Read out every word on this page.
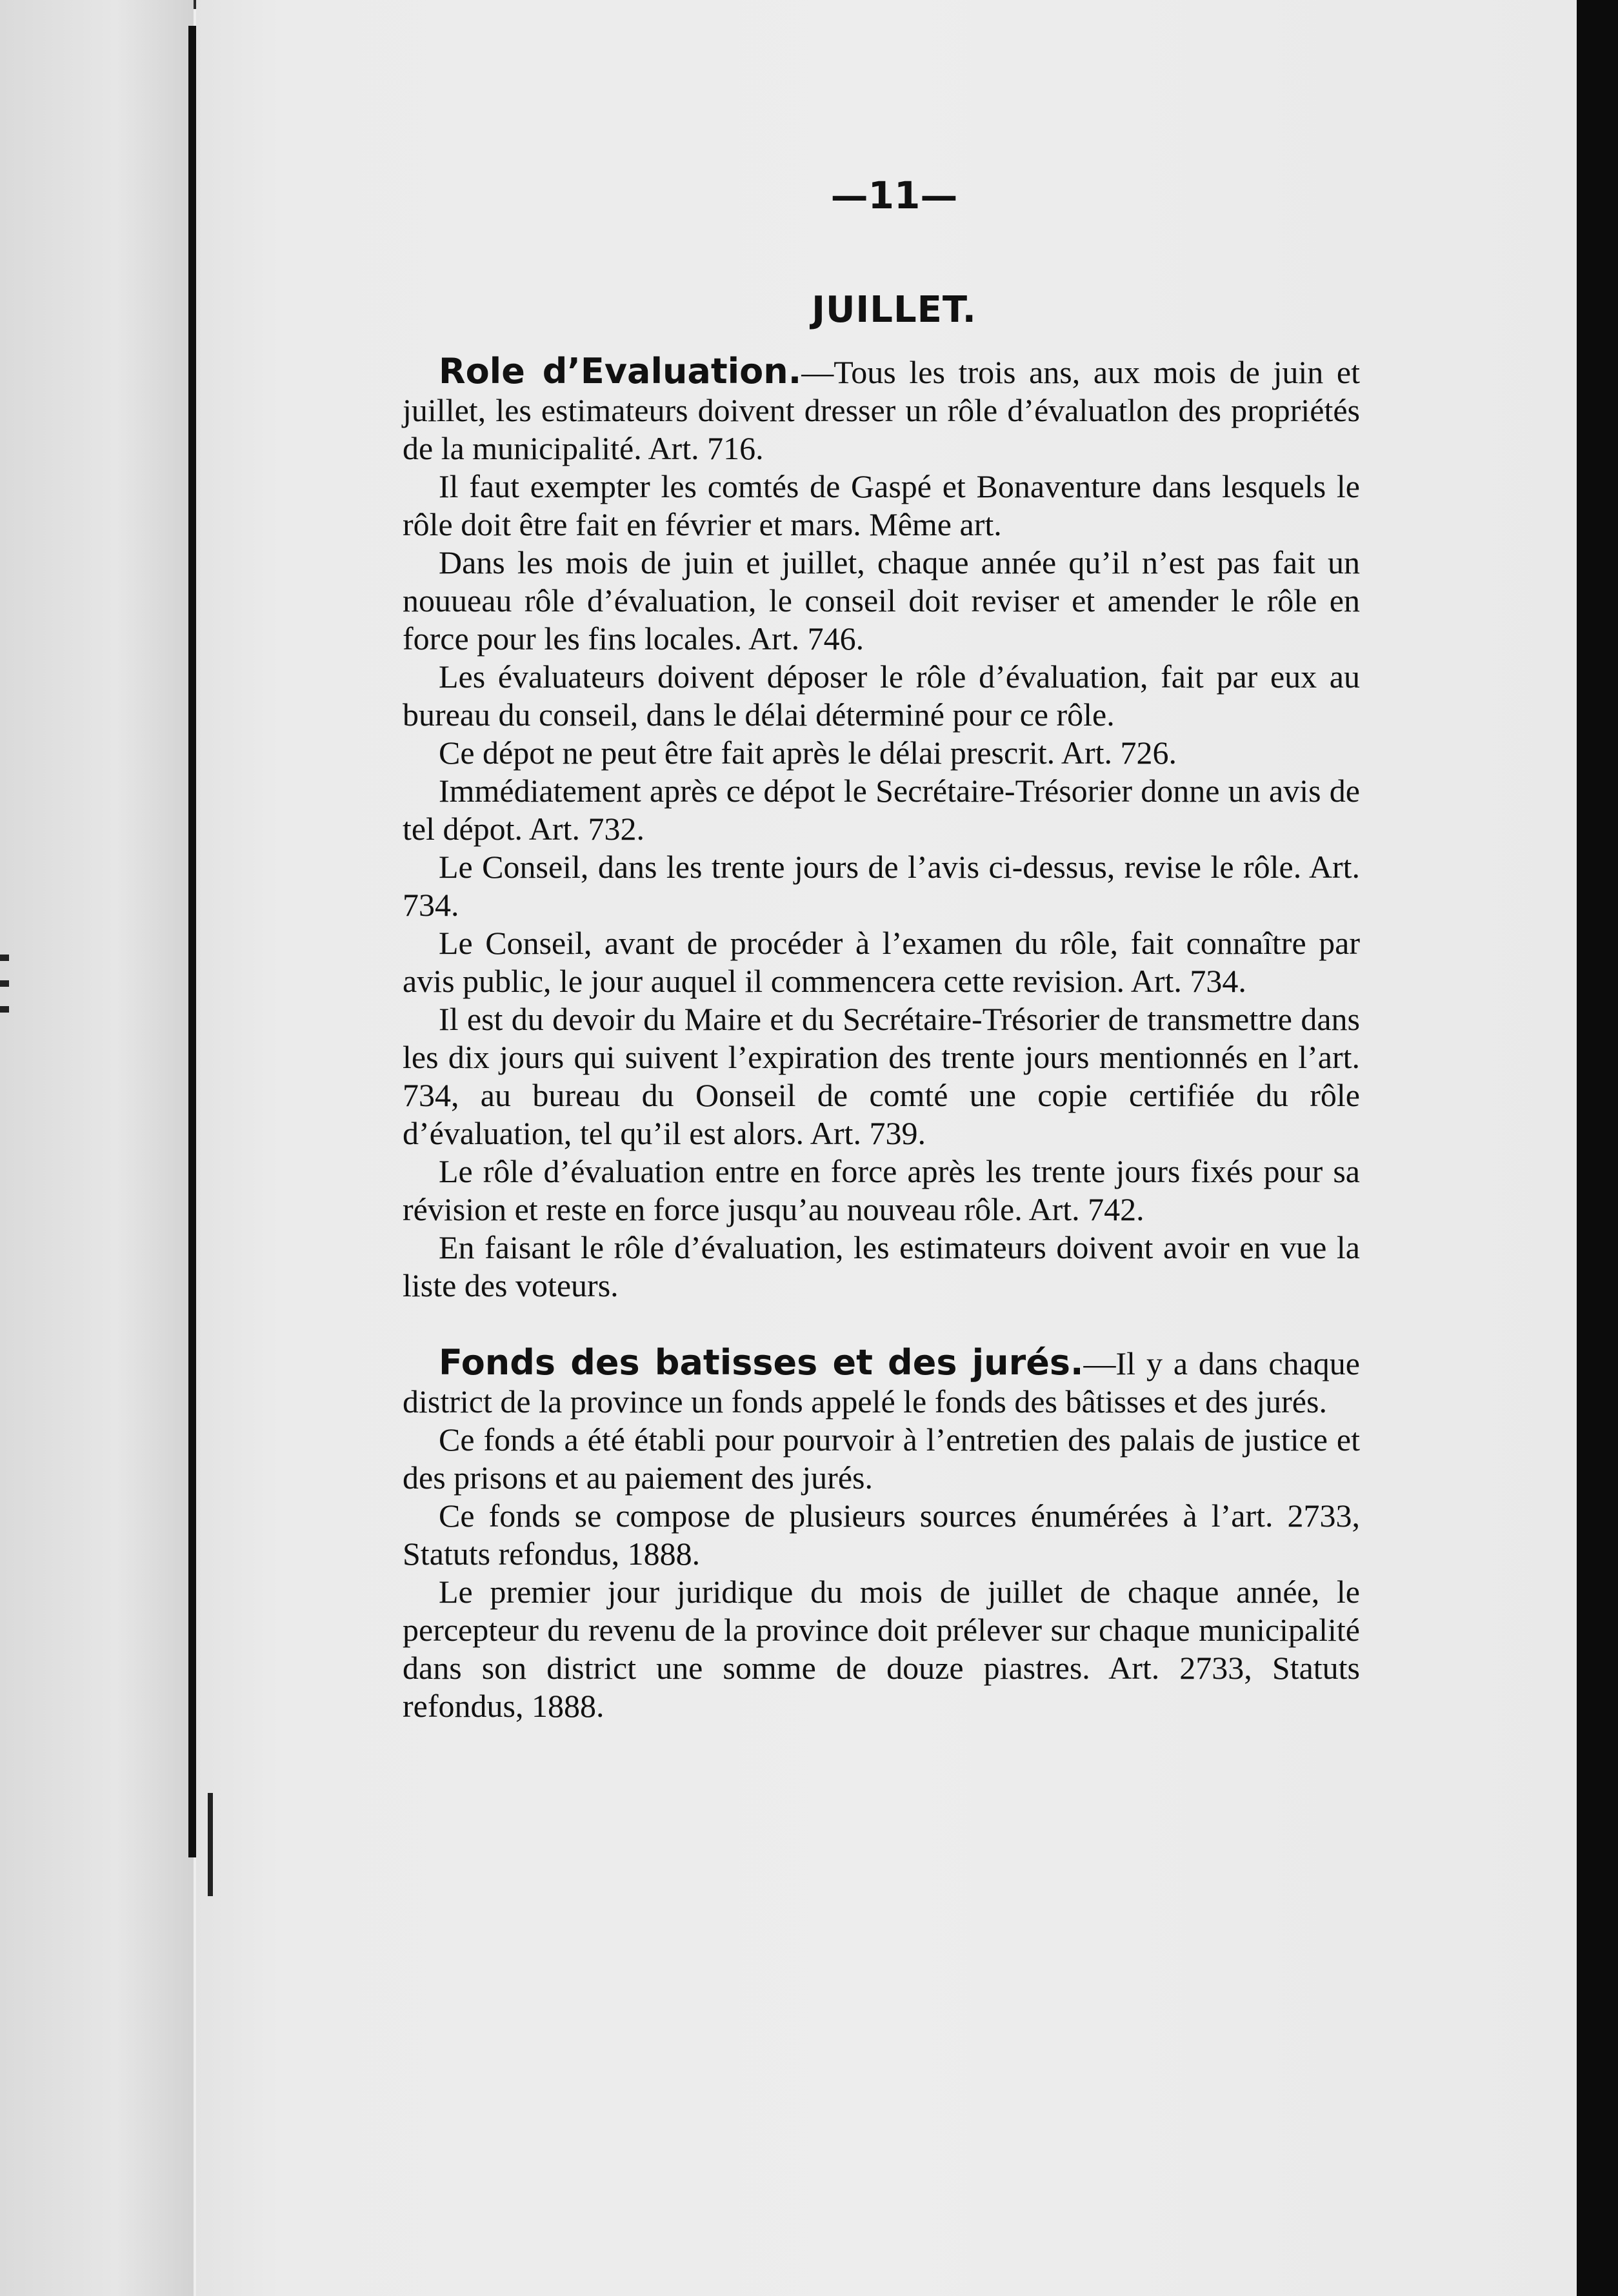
—11—
JUILLET.

Role d’Evaluation.—Tous les trois ans, aux mois de juin et juillet, les estimateurs doivent dresser un rôle d’évaluatlon des propriétés de la municipalité. Art. 716.

Il faut exempter les comtés de Gaspé et Bonaventure dans lesquels le rôle doit être fait en février et mars. Même art.

Dans les mois de juin et juillet, chaque année qu’il n’est pas fait un nouueau rôle d’évaluation, le conseil doit reviser et amender le rôle en force pour les fins locales. Art. 746.

Les évaluateurs doivent déposer le rôle d’évaluation, fait par eux au bureau du conseil, dans le délai déterminé pour ce rôle.

Ce dépot ne peut être fait après le délai prescrit. Art. 726.

Immédiatement après ce dépot le Secrétaire-Trésorier donne un avis de tel dépot. Art. 732.

Le Conseil, dans les trente jours de l’avis ci-dessus, revise le rôle. Art. 734.

Le Conseil, avant de procéder à l’examen du rôle, fait connaître par avis public, le jour auquel il commencera cette revision. Art. 734.

Il est du devoir du Maire et du Secrétaire-Trésorier de transmettre dans les dix jours qui suivent l’expiration des trente jours mentionnés en l’art. 734, au bureau du Oonseil de comté une copie certifiée du rôle d’évaluation, tel qu’il est alors. Art. 739.

Le rôle d’évaluation entre en force après les trente jours fixés pour sa révision et reste en force jusqu’au nouveau rôle. Art. 742.

En faisant le rôle d’évaluation, les estimateurs doivent avoir en vue la liste des voteurs.

Fonds des batisses et des jurés.—Il y a dans chaque district de la province un fonds appelé le fonds des bâtisses et des jurés.

Ce fonds a été établi pour pourvoir à l’entretien des palais de justice et des prisons et au paiement des jurés.

Ce fonds se compose de plusieurs sources énumérées à l’art. 2733, Statuts refondus, 1888.

Le premier jour juridique du mois de juillet de chaque année, le percepteur du revenu de la province doit prélever sur chaque municipalité dans son district une somme de douze piastres. Art. 2733, Statuts refondus, 1888.
